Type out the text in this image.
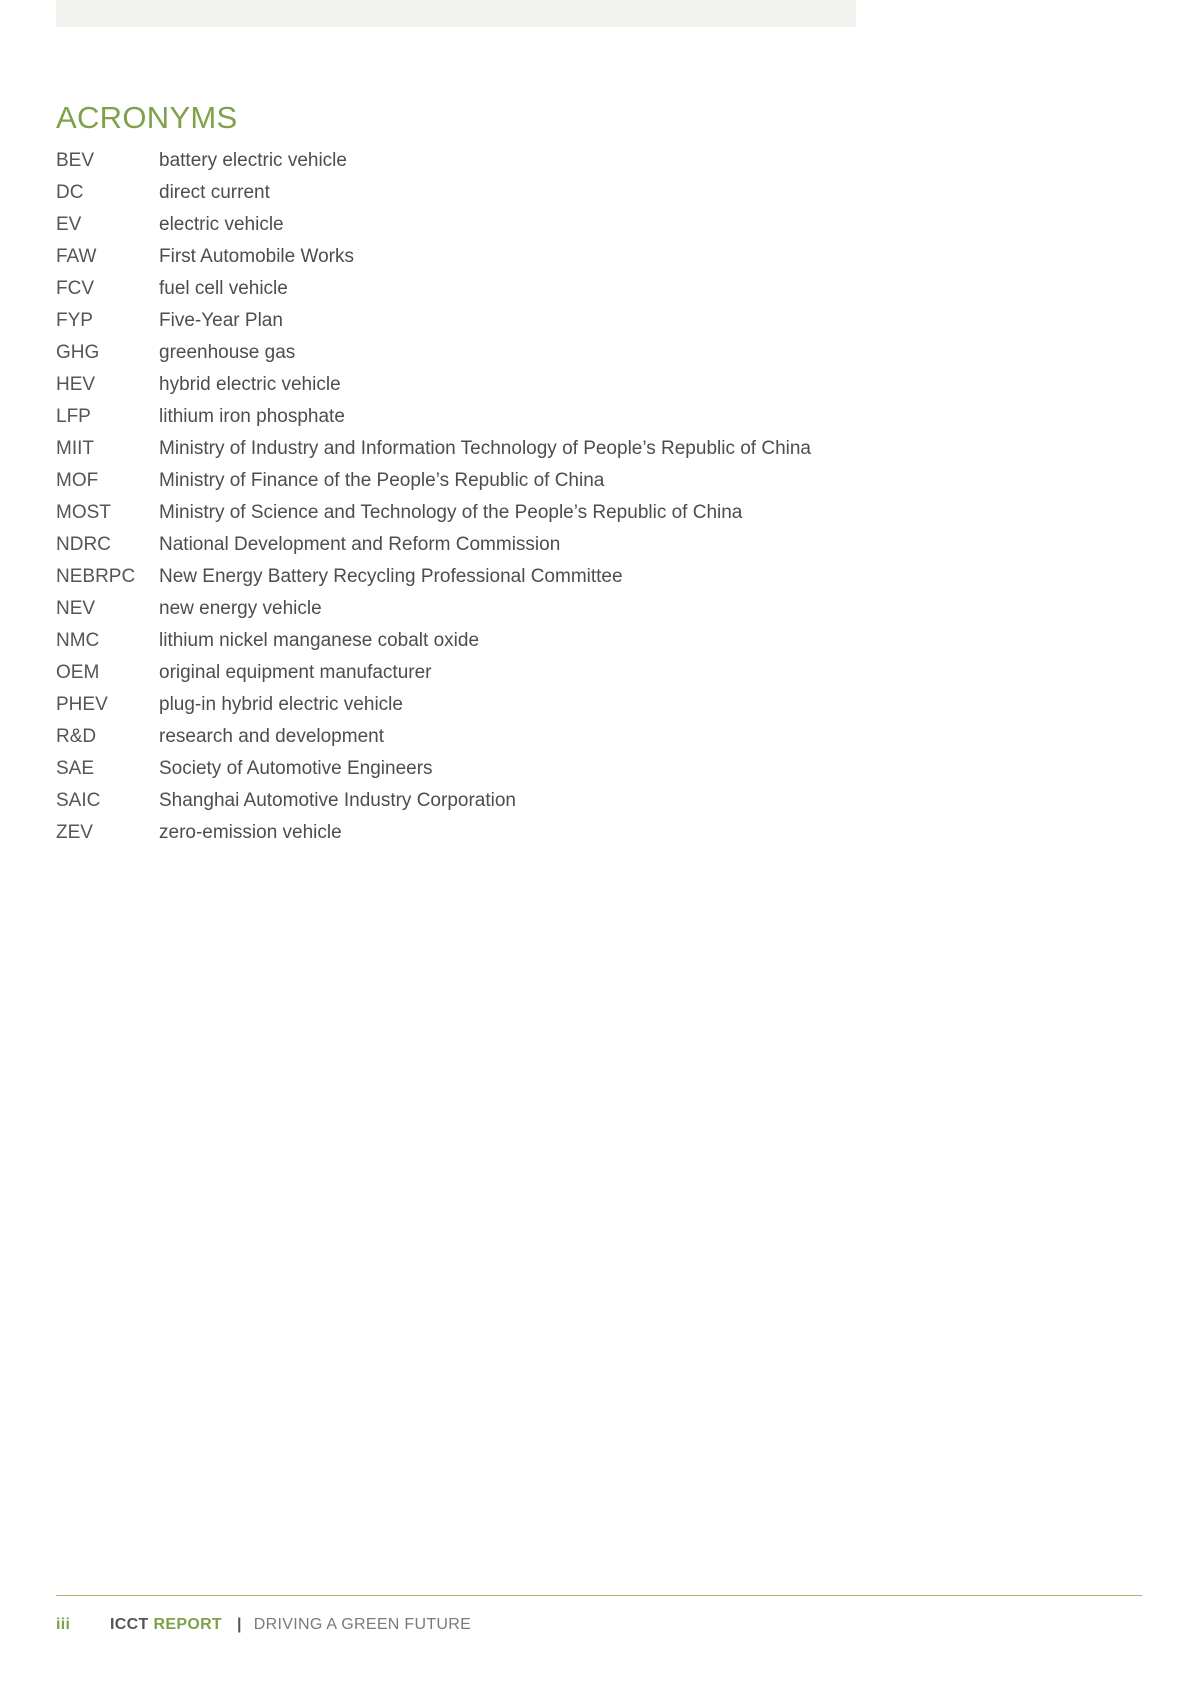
ACRONYMS
BEV	battery electric vehicle
DC	direct current
EV	electric vehicle
FAW	First Automobile Works
FCV	fuel cell vehicle
FYP	Five-Year Plan
GHG	greenhouse gas
HEV	hybrid electric vehicle
LFP	lithium iron phosphate
MIIT	Ministry of Industry and Information Technology of People’s Republic of China
MOF	Ministry of Finance of the People’s Republic of China
MOST	Ministry of Science and Technology of the People’s Republic of China
NDRC	National Development and Reform Commission
NEBRPC	New Energy Battery Recycling Professional Committee
NEV	new energy vehicle
NMC	lithium nickel manganese cobalt oxide
OEM	original equipment manufacturer
PHEV	plug-in hybrid electric vehicle
R&D	research and development
SAE	Society of Automotive Engineers
SAIC	Shanghai Automotive Industry Corporation
ZEV	zero-emission vehicle
iii	ICCT REPORT | DRIVING A GREEN FUTURE
